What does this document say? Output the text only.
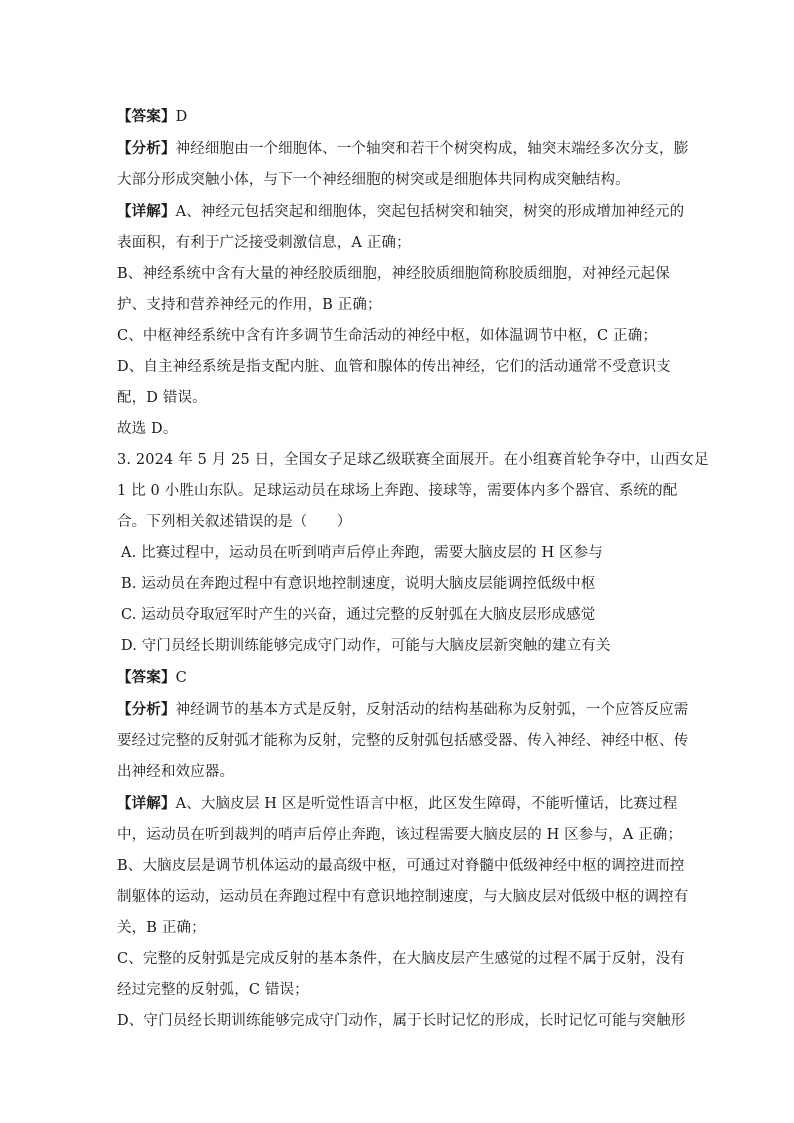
【答案】D

【分析】神经细胞由一个细胞体、一个轴突和若干个树突构成，轴突末端经多次分支，膨

大部分形成突触小体，与下一个神经细胞的树突或是细胞体共同构成突触结构。

【详解】A、神经元包括突起和细胞体，突起包括树突和轴突，树突的形成增加神经元的

表面积，有利于广泛接受刺激信息，A 正确；

B、神经系统中含有大量的神经胶质细胞，神经胶质细胞简称胶质细胞，对神经元起保

护、支持和营养神经元的作用，B 正确；

C、中枢神经系统中含有许多调节生命活动的神经中枢，如体温调节中枢，C 正确；

D、自主神经系统是指支配内脏、血管和腺体的传出神经，它们的活动通常不受意识支

配，D 错误。

故选 D。

3. 2024 年 5 月 25 日，全国女子足球乙级联赛全面展开。在小组赛首轮争夺中，山西女足

1 比 0 小胜山东队。足球运动员在球场上奔跑、接球等，需要体内多个器官、系统的配

合。下列相关叙述错误的是（　　）

A. 比赛过程中，运动员在听到哨声后停止奔跑，需要大脑皮层的 H 区参与

B. 运动员在奔跑过程中有意识地控制速度，说明大脑皮层能调控低级中枢

C. 运动员夺取冠军时产生的兴奋，通过完整的反射弧在大脑皮层形成感觉

D. 守门员经长期训练能够完成守门动作，可能与大脑皮层新突触的建立有关

【答案】C

【分析】神经调节的基本方式是反射，反射活动的结构基础称为反射弧，一个应答反应需

要经过完整的反射弧才能称为反射，完整的反射弧包括感受器、传入神经、神经中枢、传

出神经和效应器。

【详解】A、大脑皮层 H 区是听觉性语言中枢，此区发生障碍，不能听懂话，比赛过程

中，运动员在听到裁判的哨声后停止奔跑，该过程需要大脑皮层的 H 区参与，A 正确；

B、大脑皮层是调节机体运动的最高级中枢，可通过对脊髓中低级神经中枢的调控进而控

制躯体的运动，运动员在奔跑过程中有意识地控制速度，与大脑皮层对低级中枢的调控有

关，B 正确；

C、完整的反射弧是完成反射的基本条件，在大脑皮层产生感觉的过程不属于反射，没有

经过完整的反射弧，C 错误；

D、守门员经长期训练能够完成守门动作，属于长时记忆的形成，长时记忆可能与突触形
